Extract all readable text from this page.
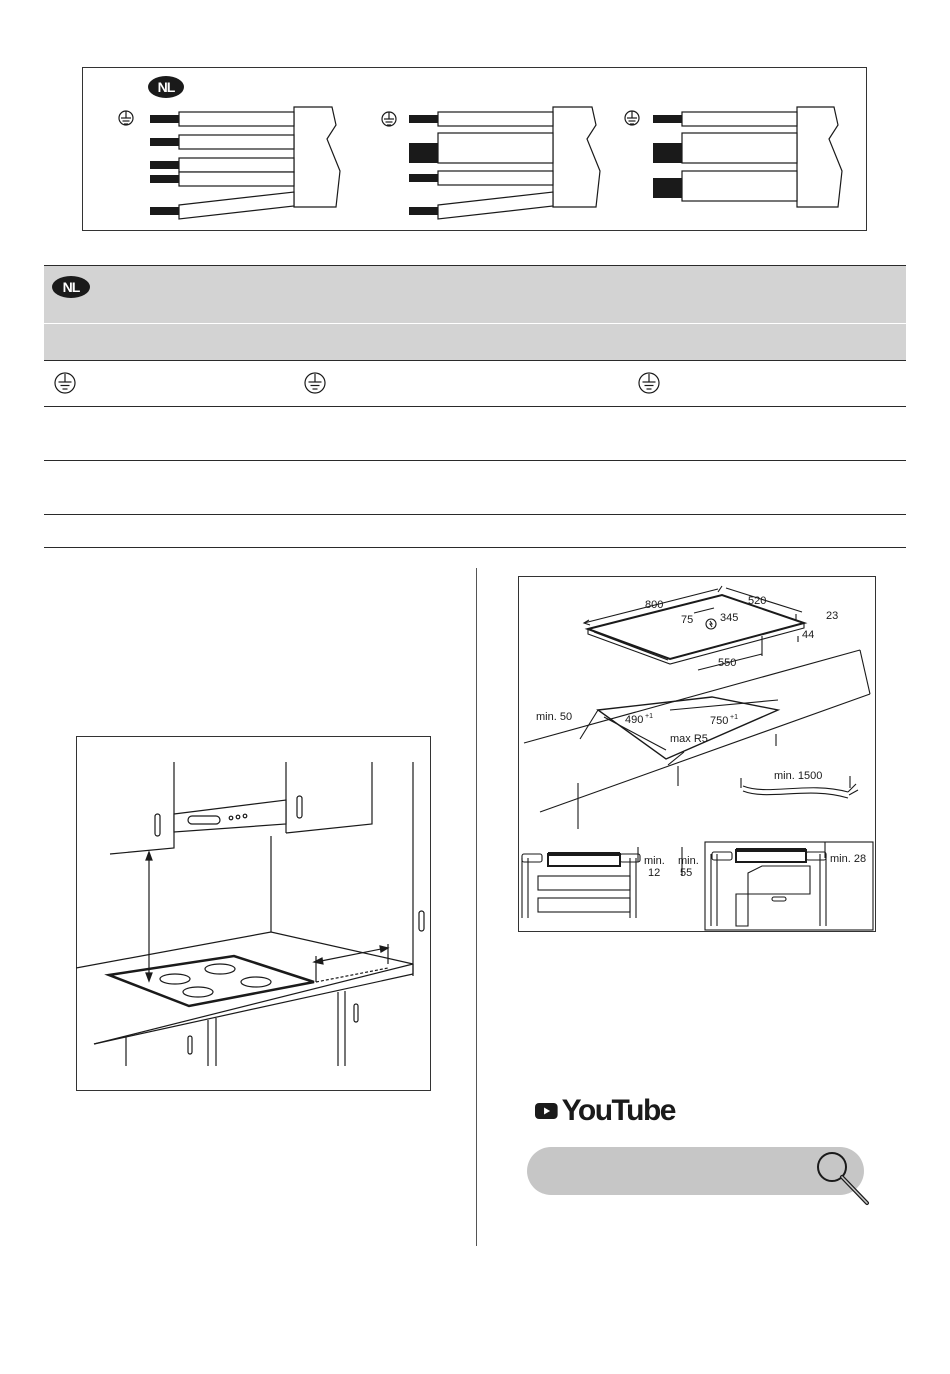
NL
NL
800	520
23
44
550
75 345
490 +1	750 +1
min. 50
max R5
min. 1500
min.
12
min.
55
min. 28
YouTube
